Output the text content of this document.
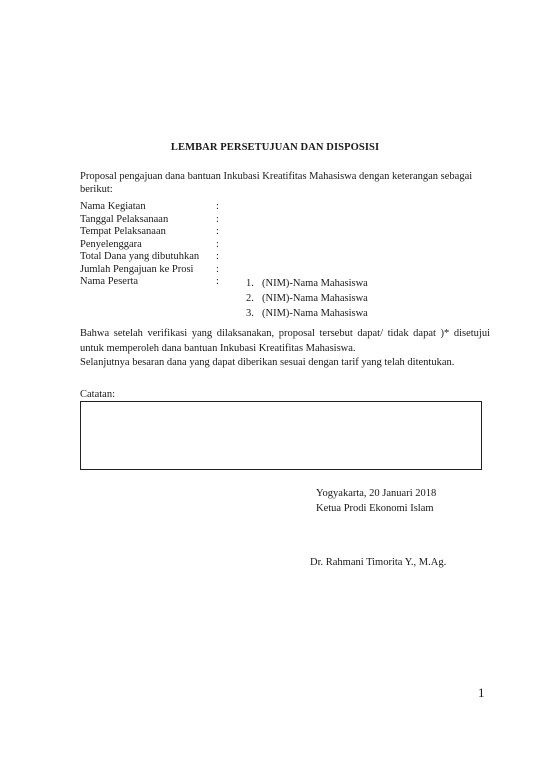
LEMBAR PERSETUJUAN DAN DISPOSISI
Proposal pengajuan dana bantuan Inkubasi Kreatifitas Mahasiswa dengan keterangan sebagai berikut:
Nama Kegiatan	:
Tanggal Pelaksanaan	:
Tempat Pelaksanaan	:
Penyelenggara	:
Total Dana yang dibutuhkan :
Jumlah Pengajuan ke Prosi :
Nama Peserta	:	1. (NIM)-Nama Mahasiswa
2. (NIM)-Nama Mahasiswa
3. (NIM)-Nama Mahasiswa

Bahwa setelah verifikasi yang dilaksanakan, proposal tersebut dapat/ tidak dapat )* disetujui untuk memperoleh dana bantuan Inkubasi Kreatifitas Mahasiswa.

Selanjutnya besaran dana yang dapat diberikan sesuai dengan tarif yang telah ditentukan.

Catatan:
Yogyakarta, 20 Januari 2018
Ketua Prodi Ekonomi Islam
Dr. Rahmani Timorita Y., M.Ag.
1
